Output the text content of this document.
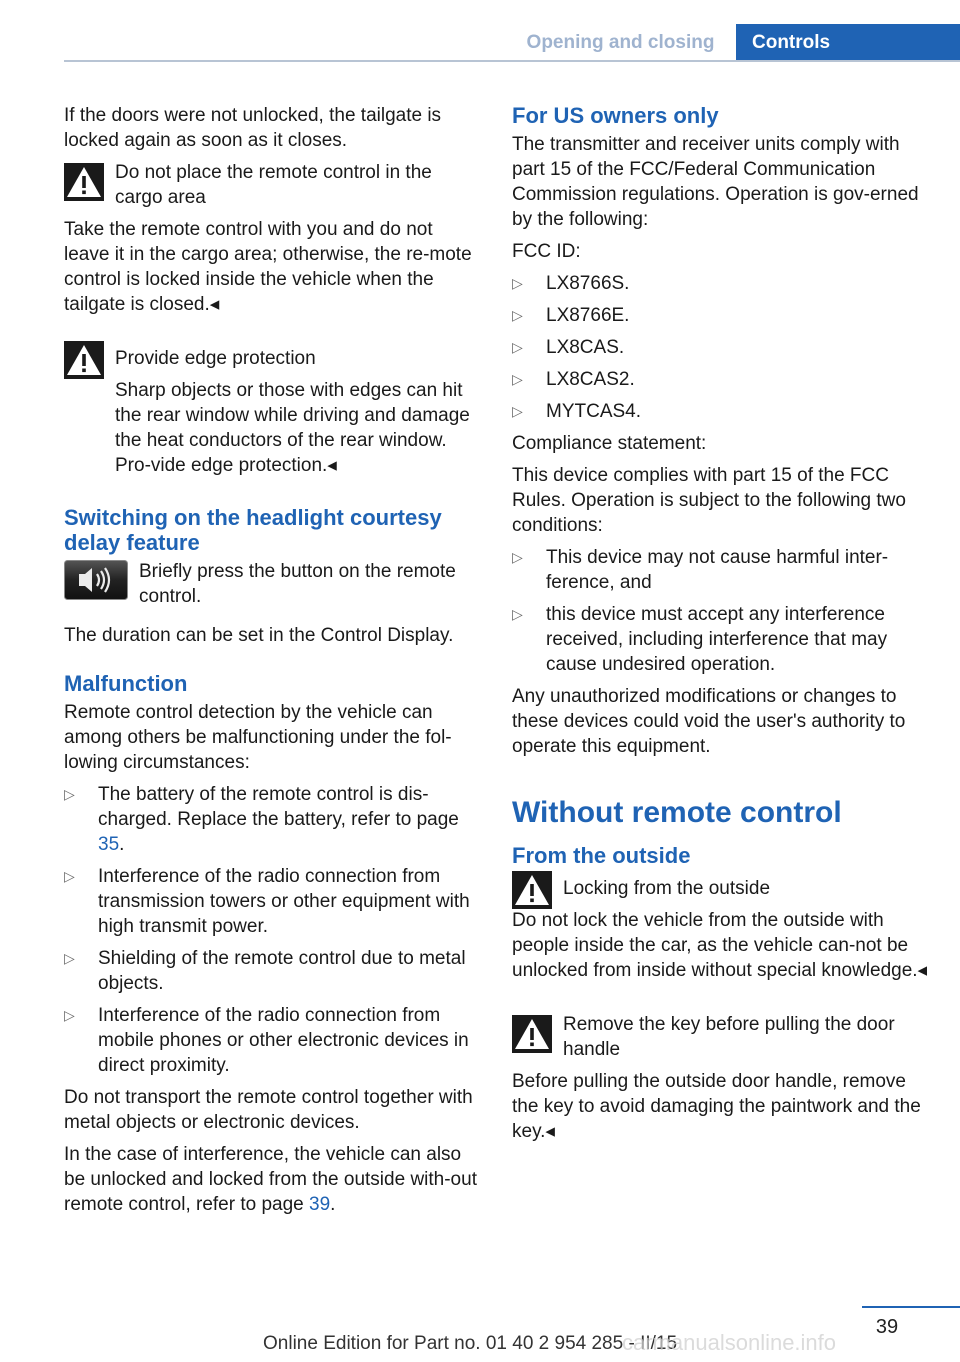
Opening and closing	Controls

If the doors were not unlocked, the tailgate is locked again as soon as it closes.

Do not place the remote control in the cargo area

Take the remote control with you and do not leave it in the cargo area; otherwise, the re-mote control is locked inside the vehicle when the tailgate is closed.◂

Provide edge protection

Sharp objects or those with edges can hit the rear window while driving and damage the heat conductors of the rear window. Pro-vide edge protection.◂

Switching on the headlight courtesy delay feature

Briefly press the button on the remote control.

The duration can be set in the Control Display.

Malfunction

Remote control detection by the vehicle can among others be malfunctioning under the fol-lowing circumstances:

▷ The battery of the remote control is dis-charged. Replace the battery, refer to page 35.
▷ Interference of the radio connection from transmission towers or other equipment with high transmit power.
▷ Shielding of the remote control due to metal objects.
▷ Interference of the radio connection from mobile phones or other electronic devices in direct proximity.

Do not transport the remote control together with metal objects or electronic devices.

In the case of interference, the vehicle can also be unlocked and locked from the outside with-out remote control, refer to page 39.

For US owners only

The transmitter and receiver units comply with part 15 of the FCC/Federal Communication Commission regulations. Operation is gov-erned by the following:

FCC ID:

▷ LX8766S.
▷ LX8766E.
▷ LX8CAS.
▷ LX8CAS2.
▷ MYTCAS4.

Compliance statement:

This device complies with part 15 of the FCC Rules. Operation is subject to the following two conditions:

▷ This device may not cause harmful inter-ference, and
▷ this device must accept any interference received, including interference that may cause undesired operation.

Any unauthorized modifications or changes to these devices could void the user's authority to operate this equipment.

Without remote control
From the outside

Locking from the outside

Do not lock the vehicle from the outside with people inside the car, as the vehicle can-not be unlocked from inside without special knowledge.◂

Remove the key before pulling the door handle

Before pulling the outside door handle, remove the key to avoid damaging the paintwork and the key.◂

39
Online Edition for Part no. 01 40 2 954 285 - II/15
carmanualsonline.info
